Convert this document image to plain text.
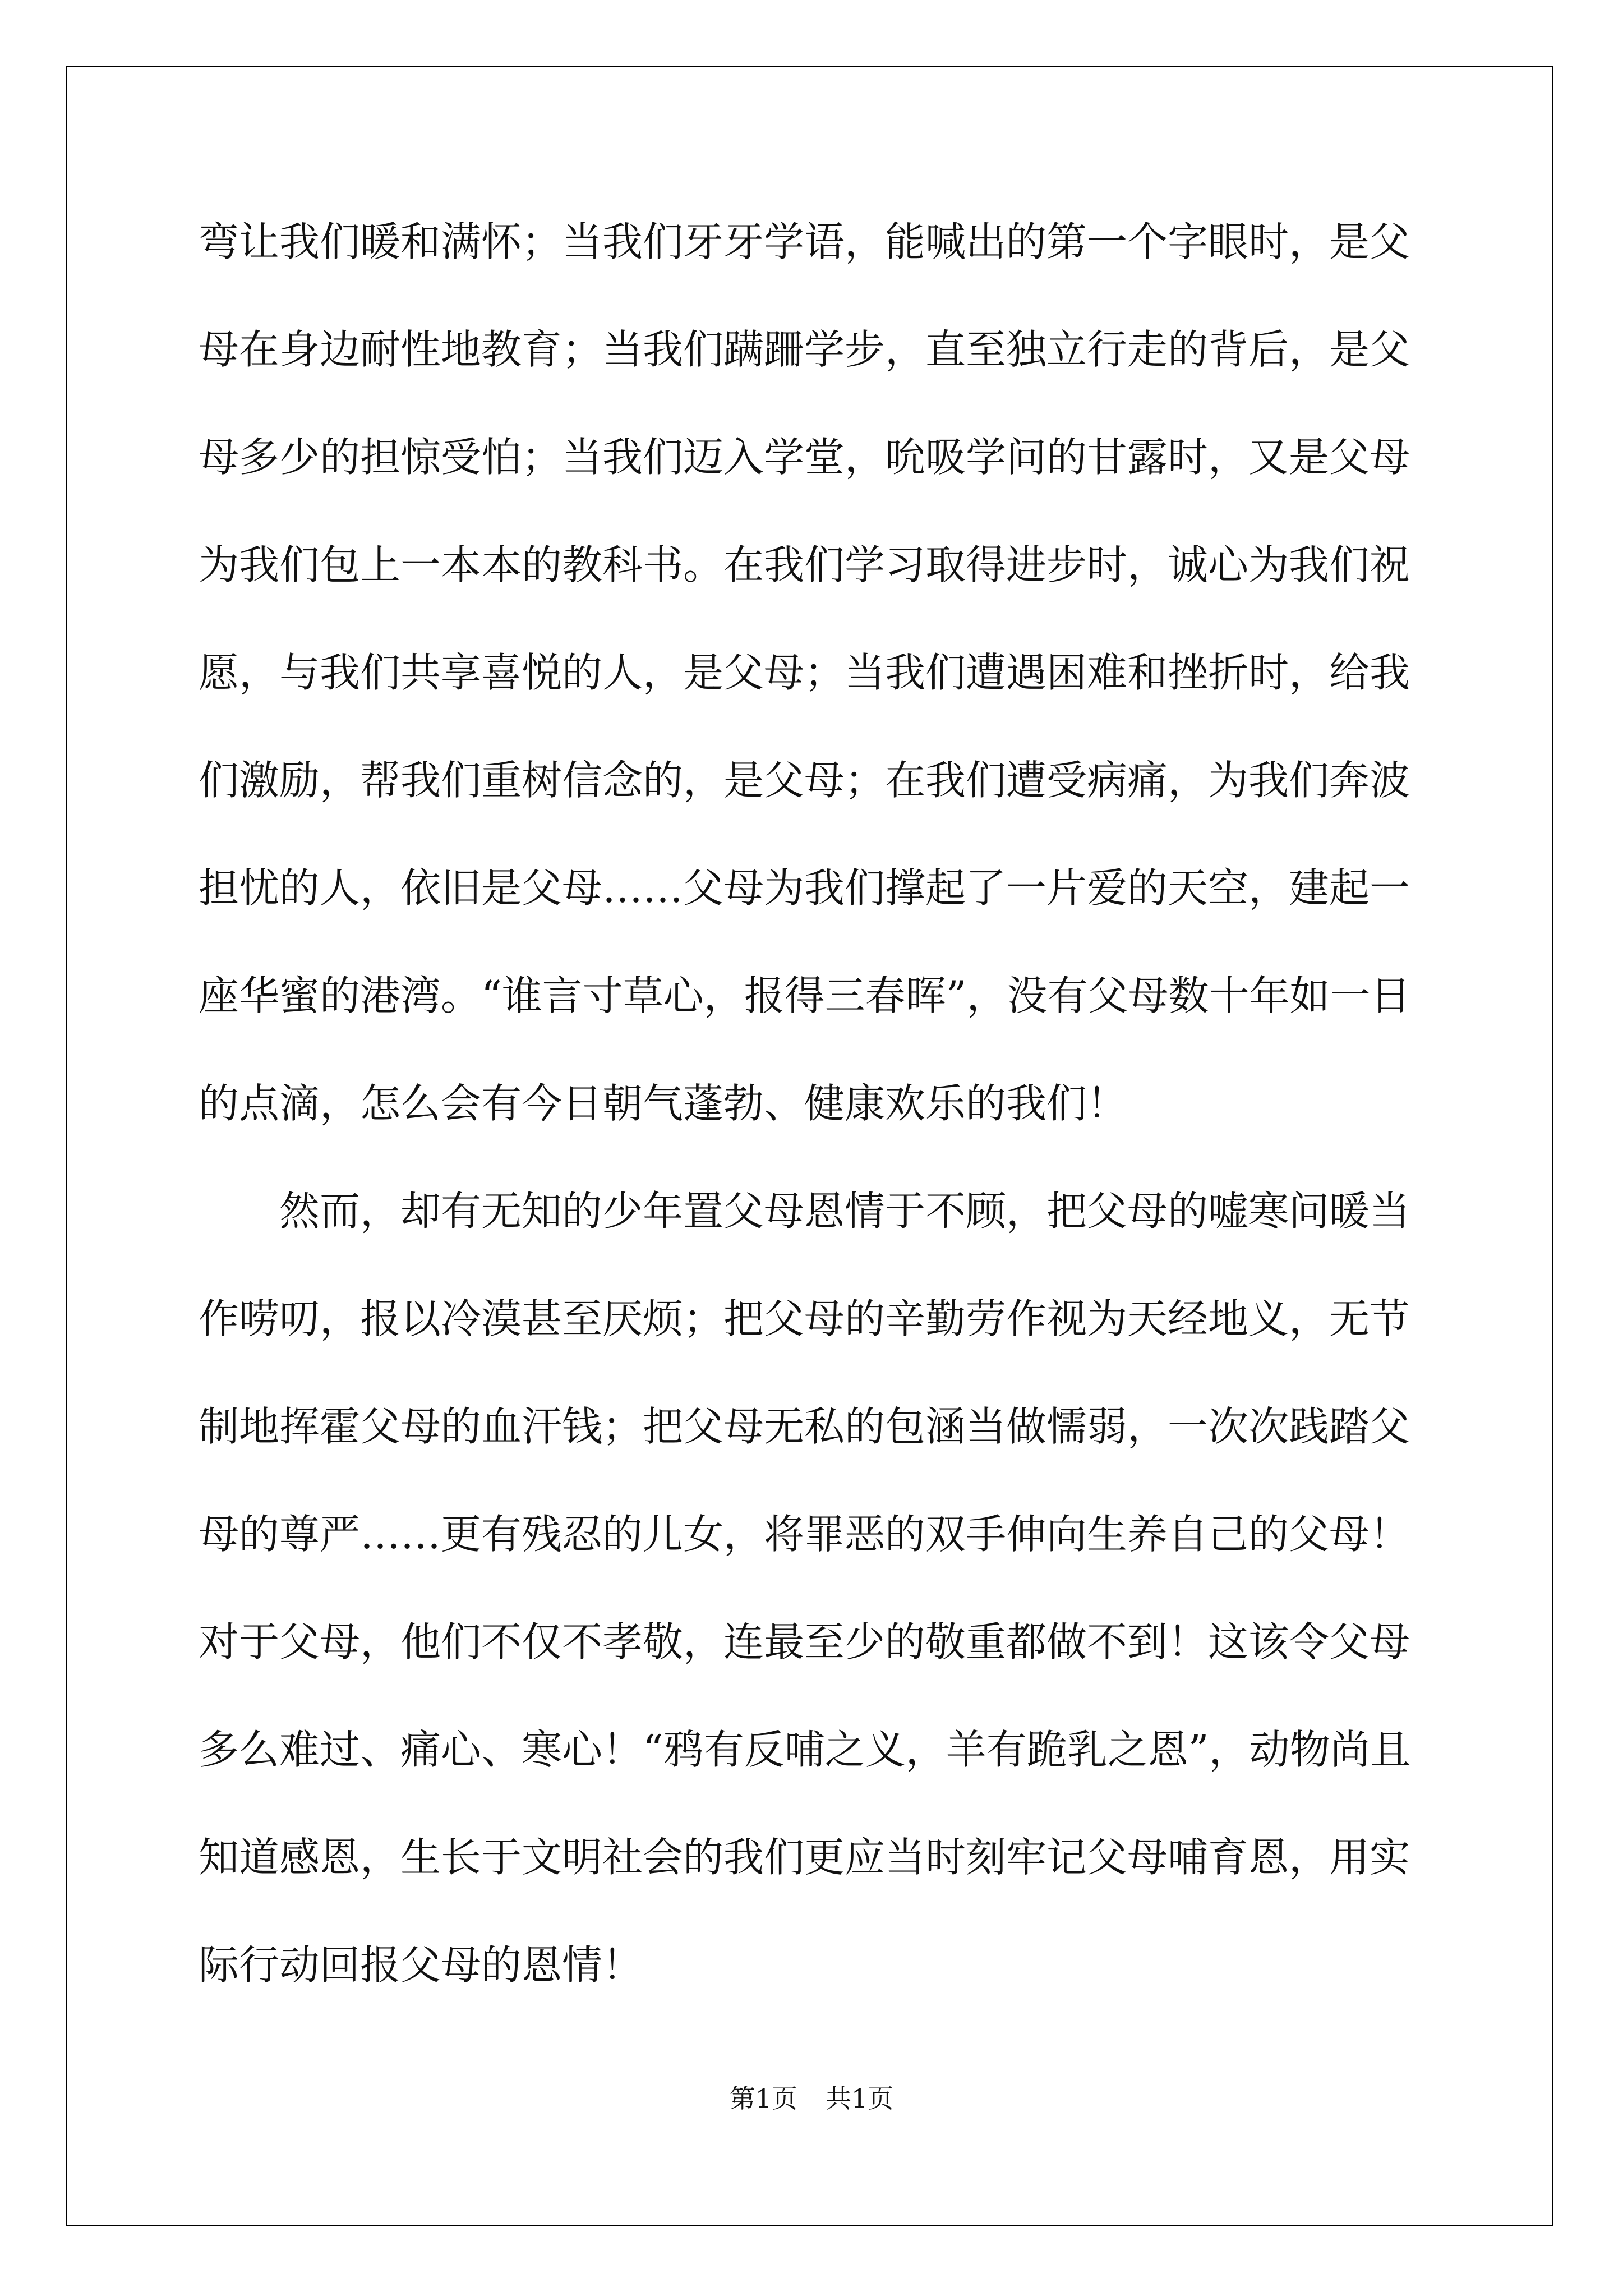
弯让我们暖和满怀；当我们牙牙学语，能喊出的第一个字眼时，是父

母在身边耐性地教育；当我们蹒跚学步，直至独立行走的背后，是父

母多少的担惊受怕；当我们迈入学堂，吮吸学问的甘露时，又是父母

为我们包上一本本的教科书。在我们学习取得进步时，诚心为我们祝

愿，与我们共享喜悦的人，是父母；当我们遭遇困难和挫折时，给我

们激励，帮我们重树信念的，是父母；在我们遭受病痛，为我们奔波

担忧的人，依旧是父母……父母为我们撑起了一片爱的天空，建起一

座华蜜的港湾。“谁言寸草心，报得三春晖”，没有父母数十年如一日

的点滴，怎么会有今日朝气蓬勃、健康欢乐的我们！

然而，却有无知的少年置父母恩情于不顾，把父母的嘘寒问暖当

作唠叨，报以冷漠甚至厌烦；把父母的辛勤劳作视为天经地义，无节

制地挥霍父母的血汗钱；把父母无私的包涵当做懦弱，一次次践踏父

母的尊严……更有残忍的儿女，将罪恶的双手伸向生养自己的父母！

对于父母，他们不仅不孝敬，连最至少的敬重都做不到！这该令父母

多么难过、痛心、寒心！“鸦有反哺之义，羊有跪乳之恩”，动物尚且

知道感恩，生长于文明社会的我们更应当时刻牢记父母哺育恩，用实

际行动回报父母的恩情！

第1页 共1页
